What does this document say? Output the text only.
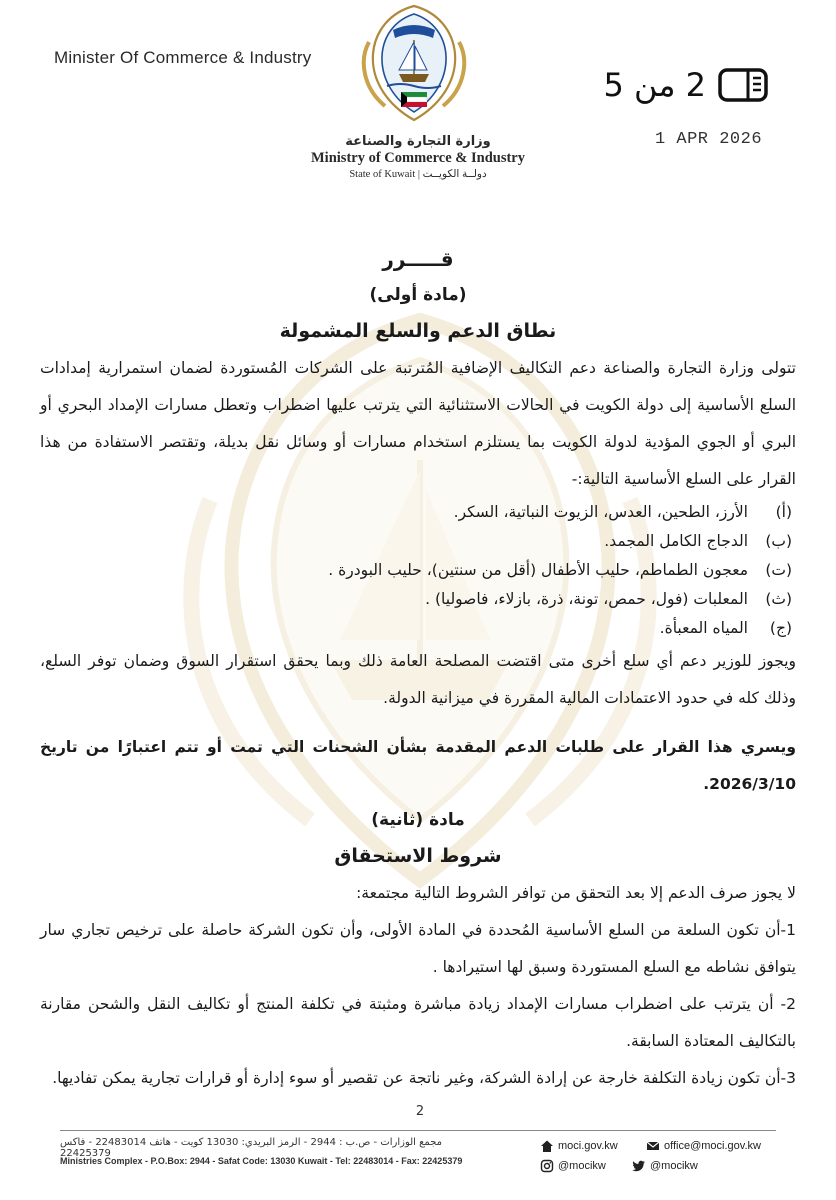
Minister Of Commerce & Industry
وزارة التجارة والصناعة
Ministry of Commerce & Industry
State of Kuwait | دولــة الكويــت
2 من 5
1 APR 2026
قـــــرر
(مادة أولى)
نطاق الدعم والسلع المشمولة

تتولى وزارة التجارة والصناعة دعم التكاليف الإضافية المُترتبة على الشركات المُستوردة لضمان استمرارية إمدادات السلع الأساسية إلى دولة الكويت في الحالات الاستثنائية التي يترتب عليها اضطراب وتعطل مسارات الإمداد البحري أو البري أو الجوي المؤدية لدولة الكويت بما يستلزم استخدام مسارات أو وسائل نقل بديلة، وتقتصر الاستفادة من هذا القرار على السلع الأساسية التالية:-

(أ)
الأرز، الطحين، العدس، الزيوت النباتية، السكر.
(ب)
الدجاج الكامل المجمد.
(ت)
معجون الطماطم، حليب الأطفال (أقل من سنتين)، حليب البودرة .
(ث)
المعلبات (فول، حمص، تونة، ذرة، بازلاء، فاصوليا) .
(ج)
المياه المعبأة.

ويجوز للوزير دعم أي سلع أخرى متى اقتضت المصلحة العامة ذلك وبما يحقق استقرار السوق وضمان توفر السلع، وذلك كله في حدود الاعتمادات المالية المقررة في ميزانية الدولة.

ويسري هذا القرار على طلبات الدعم المقدمة بشأن الشحنات التي تمت أو تتم اعتبارًا من تاريخ 2026/3/10.

مادة (ثانية)
شروط الاستحقاق

لا يجوز صرف الدعم إلا بعد التحقق من توافر الشروط التالية مجتمعة:

1-أن تكون السلعة من السلع الأساسية المُحددة في المادة الأولى، وأن تكون الشركة حاصلة على ترخيص تجاري سار يتوافق نشاطه مع السلع المستوردة وسبق لها استيرادها .

2- أن يترتب على اضطراب مسارات الإمداد زيادة مباشرة ومثبتة في تكلفة المنتج أو تكاليف النقل والشحن مقارنة بالتكاليف المعتادة السابقة.

3-أن تكون زيادة التكلفة خارجة عن إرادة الشركة، وغير ناتجة عن تقصير أو سوء إدارة أو قرارات تجارية يمكن تفاديها.

2
مجمع الوزارات - ص.ب : 2944 - الرمز البريدي: 13030 كويت - هاتف 22483014 - فاكس 22425379
Ministries Complex - P.O.Box: 2944 - Safat Code: 13030 Kuwait - Tel: 22483014 - Fax: 22425379
moci.gov.kw	office@moci.gov.kw
@mocikw	@mocikw
